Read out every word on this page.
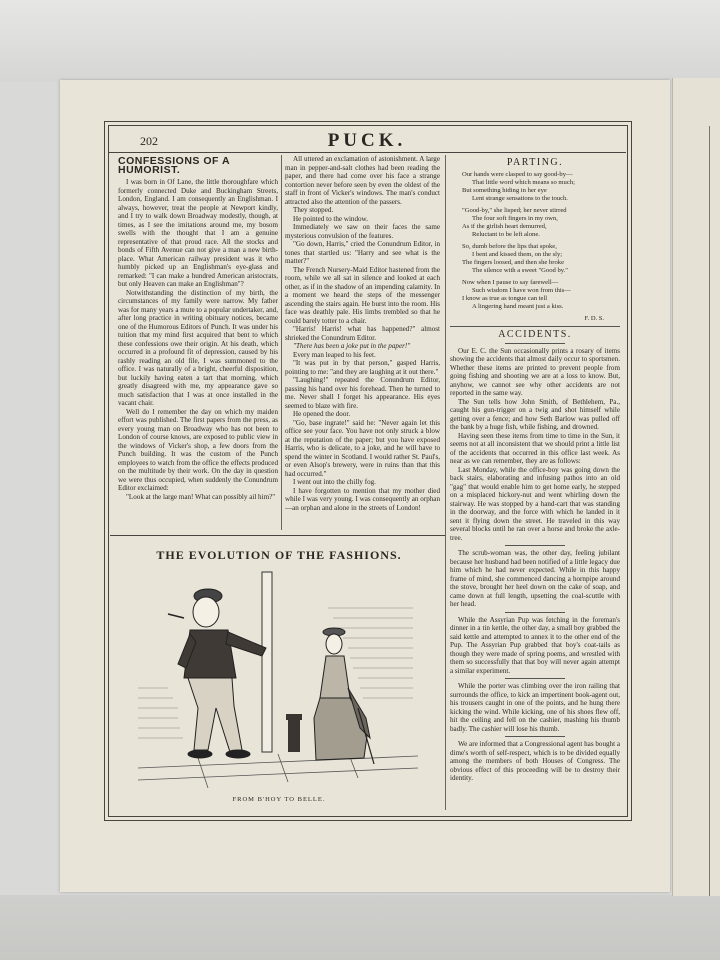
202	PUCK.
CONFESSIONS OF A HUMORIST.

I was born in Of Lane, the little thoroughfare which formerly connected Duke and Buckingham Streets, London, England. I am consequently an Englishman. I always, however, treat the people at Newport kindly, and I try to walk down Broadway modestly, though, at times, as I see the imitations around me, my bosom swells with the thought that I am a genuine representative of that proud race. All the stocks and bonds of Fifth Avenue can not give a man a new birth-place. What American railway president was it who humbly picked up an Englishman's eye-glass and remarked: "I can make a hundred American aristocrats, but only Heaven can make an Englishman"?

Notwithstanding the distinction of my birth, the circumstances of my family were narrow. My father was for many years a mute to a popular undertaker, and, after long practice in writing obituary notices, became one of the Humorous Editors of Punch. It was under his tuition that my mind first acquired that bent to which these confessions owe their origin. At his death, which occurred in a profound fit of depression, caused by his rashly reading an old file, I was summoned to the office. I was naturally of a bright, cheerful disposition, but luckily having eaten a tart that morning, which greatly disagreed with me, my appearance gave so much satisfaction that I was at once installed in the vacant chair.

Well do I remember the day on which my maiden effort was published. The first papers from the press, as every young man on Broadway who has not been to London of course knows, are exposed to public view in the windows of Vicker's shop, a few doors from the Punch building. It was the custom of the Punch employees to watch from the office the effects produced on the multitude by their work. On the day in question we were thus occupied, when suddenly the Conundrum Editor exclaimed:

"Look at the large man! What can possibly ail him?"

All uttered an exclamation of astonishment. A large man in pepper-and-salt clothes had been reading the paper, and there had come over his face a strange contortion never before seen by even the oldest of the staff in front of Vicker's windows. The man's conduct attracted also the attention of the passers.

They stopped.

He pointed to the window.

Immediately we saw on their faces the same mysterious convulsion of the features.

"Go down, Harris," cried the Conundrum Editor, in tones that startled us: "Harry and see what is the matter?"

The French Nursery-Maid Editor hastened from the room, while we all sat in silence and looked at each other, as if in the shadow of an impending calamity. In a moment we heard the steps of the messenger ascending the stairs again. He burst into the room. His face was deathly pale. His limbs trembled so that he could barely totter to a chair.

"Harris! Harris! what has happened?" almost shrieked the Conundrum Editor.

"There has been a joke put in the paper!"

Every man leaped to his feet.

"It was put in by that person," gasped Harris, pointing to me: "and they are laughing at it out there."

"Laughing!" repeated the Conundrum Editor, passing his hand over his forehead. Then he turned to me. Never shall I forget his appearance. His eyes seemed to blaze with fire.

He opened the door.

"Go, base ingrate!" said he: "Never again let this office see your face. You have not only struck a blow at the reputation of the paper; but you have exposed Harris, who is delicate, to a joke, and he will have to spend the winter in Scotland. I would rather St. Paul's, or even Alsop's brewery, were in ruins than that this had occurred."

I went out into the chilly fog.

I have forgotten to mention that my mother died while I was very young. I was consequently an orphan—an orphan and alone in the streets of London!

PARTING.
Our hands were clasped to say good-by—
That little word which means so much;
But something hiding in her eye
Lent strange sensations to the touch.
"Good-by," she lisped; her never stirred
The four soft fingers in my own,
As if the girlish heart demurred,
Reluctant to be left alone.
So, dumb before the lips that spoke,
I bent and kissed them, on the sly;
The fingers loosed, and then she broke
The silence with a sweet "Good by."
Now when I pause to say farewell—
Such wisdom I have won from this—
I know as true as tongue can tell
A lingering hand meant just a kiss.
F. D. S.
ACCIDENTS.

Our E. C. the Sun occasionally prints a rosary of items showing the accidents that almost daily occur to sportsmen. Whether these items are printed to prevent people from going fishing and shooting we are at a loss to know. But, anyhow, we cannot see why other accidents are not reported in the same way.

The Sun tells how John Smith, of Bethlehem, Pa., caught his gun-trigger on a twig and shot himself while getting over a fence; and how Seth Barlow was pulled off the bank by a huge fish, while fishing, and drowned.

Having seen these items from time to time in the Sun, it seems not at all inconsistent that we should print a little list of the accidents that occurred in this office last week. As near as we can remember, they are as follows:

Last Monday, while the office-boy was going down the back stairs, elaborating and infusing pathos into an old "gag" that would enable him to get home early, he stepped on a misplaced hickory-nut and went whirling down the stairway. He was stopped by a hand-cart that was standing in the doorway, and the force with which he landed in it sent it flying down the street. He traveled in this way several blocks until he ran over a horse and broke the axle-tree.

The scrub-woman was, the other day, feeling jubilant because her husband had been notified of a little legacy due him which he had never expected. While in this happy frame of mind, she commenced dancing a hornpipe around the stove, brought her heel down on the cake of soap, and came down at full length, upsetting the coal-scuttle with her head.

While the Assyrian Pup was fetching in the foreman's dinner in a tin kettle, the other day, a small boy grabbed the said kettle and attempted to annex it to the other end of the Pup. The Assyrian Pup grabbed that boy's coat-tails as though they were made of spring poems, and wrestled with them so successfully that that boy will never again attempt a similar experiment.

While the porter was climbing over the iron railing that surrounds the office, to kick an impertinent book-agent out, his trousers caught in one of the points, and he hung there kicking the wind. While kicking, one of his shoes flew off, hit the ceiling and fell on the cashier, mashing his thumb badly. The cashier will lose his thumb.

We are informed that a Congressional agent has bought a dime's worth of self-respect, which is to be divided equally among the members of both Houses of Congress. The obvious effect of this proceeding will be to destroy their identity.

THE EVOLUTION OF THE FASHIONS.
FROM B'HOY TO BELLE.
